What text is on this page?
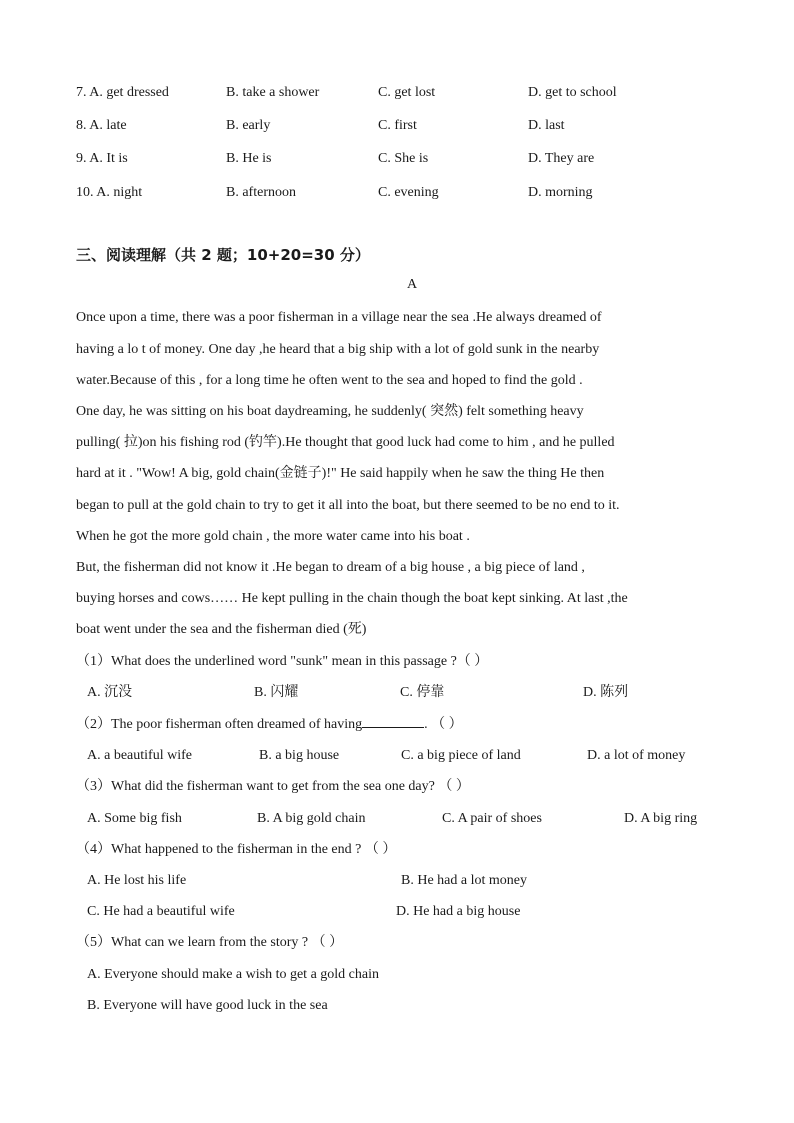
7. A. get dressed	B. take a shower	C. get lost	D. get to school
8. A. late	B. early	C. first	D. last
9. A. It is	B. He is	C. She is	D. They are
10. A. night	B. afternoon	C. evening	D. morning
三、阅读理解（共 2 题；10+20=30 分）
A
Once upon a time, there was a poor fisherman in a village near the sea .He always dreamed of
having a lo t of money. One day ,he heard that a big ship with a lot of gold sunk in the nearby
water.Because of this , for a long time he often went to the sea and hoped to find the gold .
One day, he was sitting on his boat daydreaming, he suddenly( 突然) felt something heavy
pulling( 拉)on his fishing rod (钓竿).He thought that good luck had come to him , and he pulled
hard at it . "Wow! A big, gold chain(金链子)!" He said happily when he saw the thing He then
began to pull at the gold chain to try to get it all into the boat, but there seemed to be no end to it.
When he got the more gold chain , the more water came into his boat .
But, the fisherman did not know it .He began to dream of a big house , a big piece of land ,
buying horses and cows…… He kept pulling in the chain though the boat kept sinking. At last ,the
boat went under the sea and the fisherman died (死)
（1）What does the underlined word "sunk" mean in this passage ?（ ）
A. 沉没	B. 闪耀	C. 停靠	D. 陈列
（2）The poor fisherman often dreamed of having	. （ ）
A. a beautiful wife	B. a big house	C. a big piece of land	D. a lot of money
（3）What did the fisherman want to get from the sea one day? （ ）
A. Some big fish	B. A big gold chain	C. A pair of shoes	D. A big ring
（4）What happened to the fisherman in the end ? （ ）
A. He lost his life	B. He had a lot money
C. He had a beautiful wife	D. He had a big house
（5）What can we learn from the story ? （ ）
A. Everyone should make a wish to get a gold chain
B. Everyone will have good luck in the sea
